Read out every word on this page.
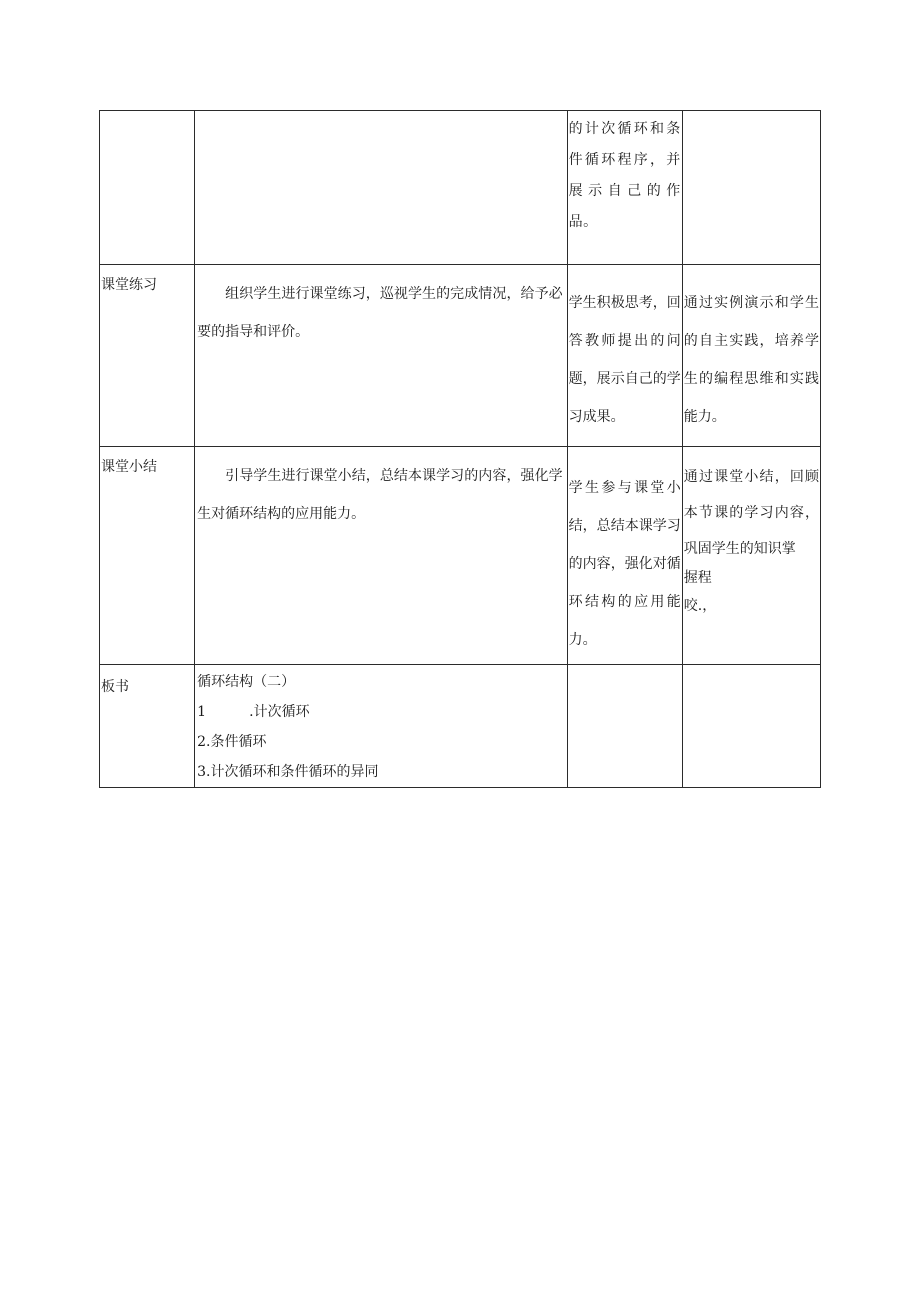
		的计次循环和条件循环程序，并展示自己的作品。	

课堂练习	组织学生进行课堂练习，巡视学生的完成情况，给予必要的指导和评价。	学生积极思考，回答教师提出的问题，展示自己的学习成果。	通过实例演示和学生的自主实践，培养学生的编程思维和实践能力。

课堂小结	引导学生进行课堂小结，总结本课学习的内容，强化学生对循环结构的应用能力。	学生参与课堂小结，总结本课学习的内容，强化对循环结构的应用能力。	通过课堂小结，回顾本节课的学习内容，巩固学生的知识掌
握程
咬.，

板书	循环结构（二）
1 .计次循环
2.条件循环
3.计次循环和条件循环的异同		
